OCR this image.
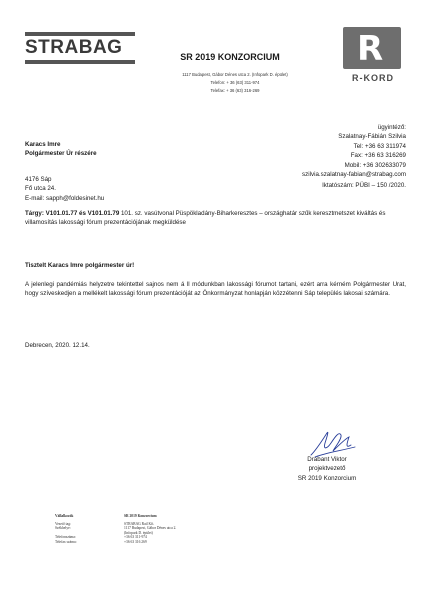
STRABAG	SR 2019 KONZORCIUM
1117 Budapest, Gábor Dénes utca 2. (Infopark D. épület)
Telefon: + 36 (63) 311-974
Telefax: + 36 (63) 316-269
R
R-KORD
Karacs Imre
Polgármester Úr részére
4176 Sáp
Fő utca 24.
E-mail: sapph@foldesinet.hu
ügyintéző:
Szalatnay-Fábián Szilvia
Tel: +36 63 311974
Fax: +36 63 316269
Mobil: +36 302633079
szilvia.szalatnay-fabian@strabag.com
Iktatószám: PÜBI – 150 /2020.
Tárgy: V101.01.77 és V101.01.79 101. sz. vasútvonal Püspökladány-Biharkeresztes – országhatár szűk keresztmetszet kiváltás és villamosítás lakossági fórum prezentációjának megküldése
Tisztelt Karacs Imre polgármester úr!
A jelenlegi pandémiás helyzetre tekintettel sajnos nem á ll módunkban lakossági fórumot tartani, ezért arra kérném Polgármester Urat, hogy szíveskedjen a mellékelt lakossági fórum prezentációját az Önkormányzat honlapján közzétenni Sáp település lakosai számára.
Debrecen, 2020. 12.14.
Drabant Viktor
projektvezető
SR 2019 Konzorcium
Vállalkozók
Vezető tag:
Székhelye:

Telefonszáma:
Telefax száma:
SR 2019 Konzorcium
STRABAG Rail Kft.
1117 Budapest, Gábor Dénes utca 2.
(Infopark D. épület)
+36 63 311-974
+36 63 316 269
